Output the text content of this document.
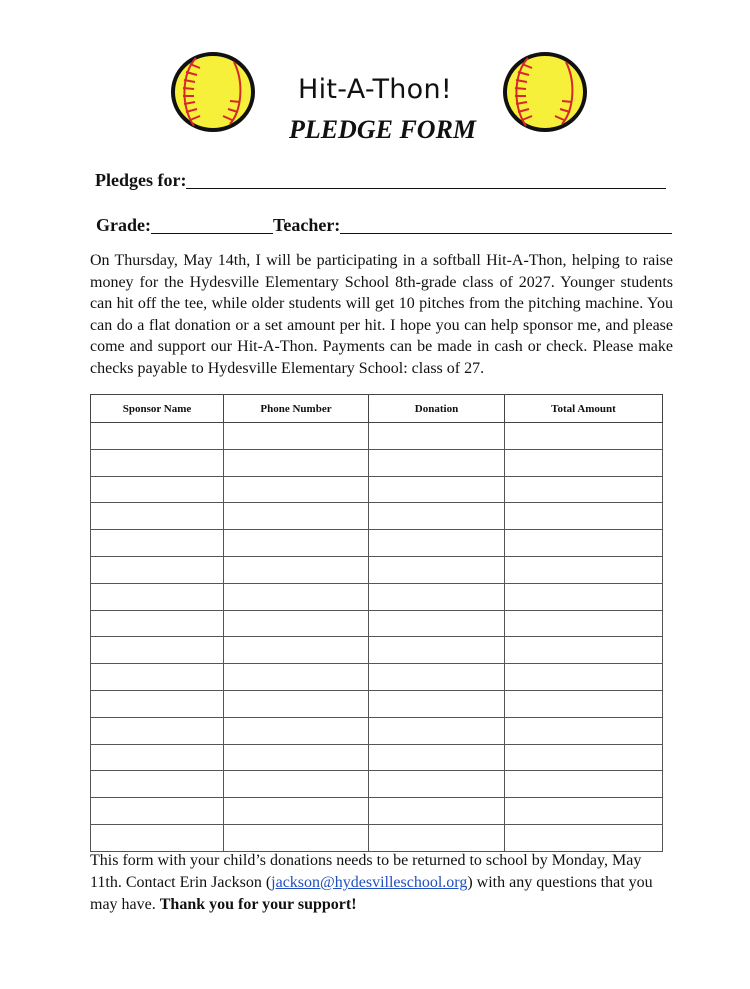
Hit-A-Thon!
PLEDGE FORM
Pledges for:
Grade:	Teacher:
On Thursday, May 14th, I will be participating in a softball Hit-A-Thon, helping to raise money for the Hydesville Elementary School 8th-grade class of 2027. Younger students can hit off the tee, while older students will get 10 pitches from the pitching machine. You can do a flat donation or a set amount per hit. I hope you can help sponsor me, and please come and support our Hit-A-Thon. Payments can be made in cash or check. Please make checks payable to Hydesville Elementary School: class of 27.
Sponsor Name	Phone Number	Donation	Total Amount

This form with your child’s donations needs to be returned to school by Monday, May 11th. Contact Erin Jackson (jackson@hydesvilleschool.org) with any questions that you may have. Thank you for your support!
